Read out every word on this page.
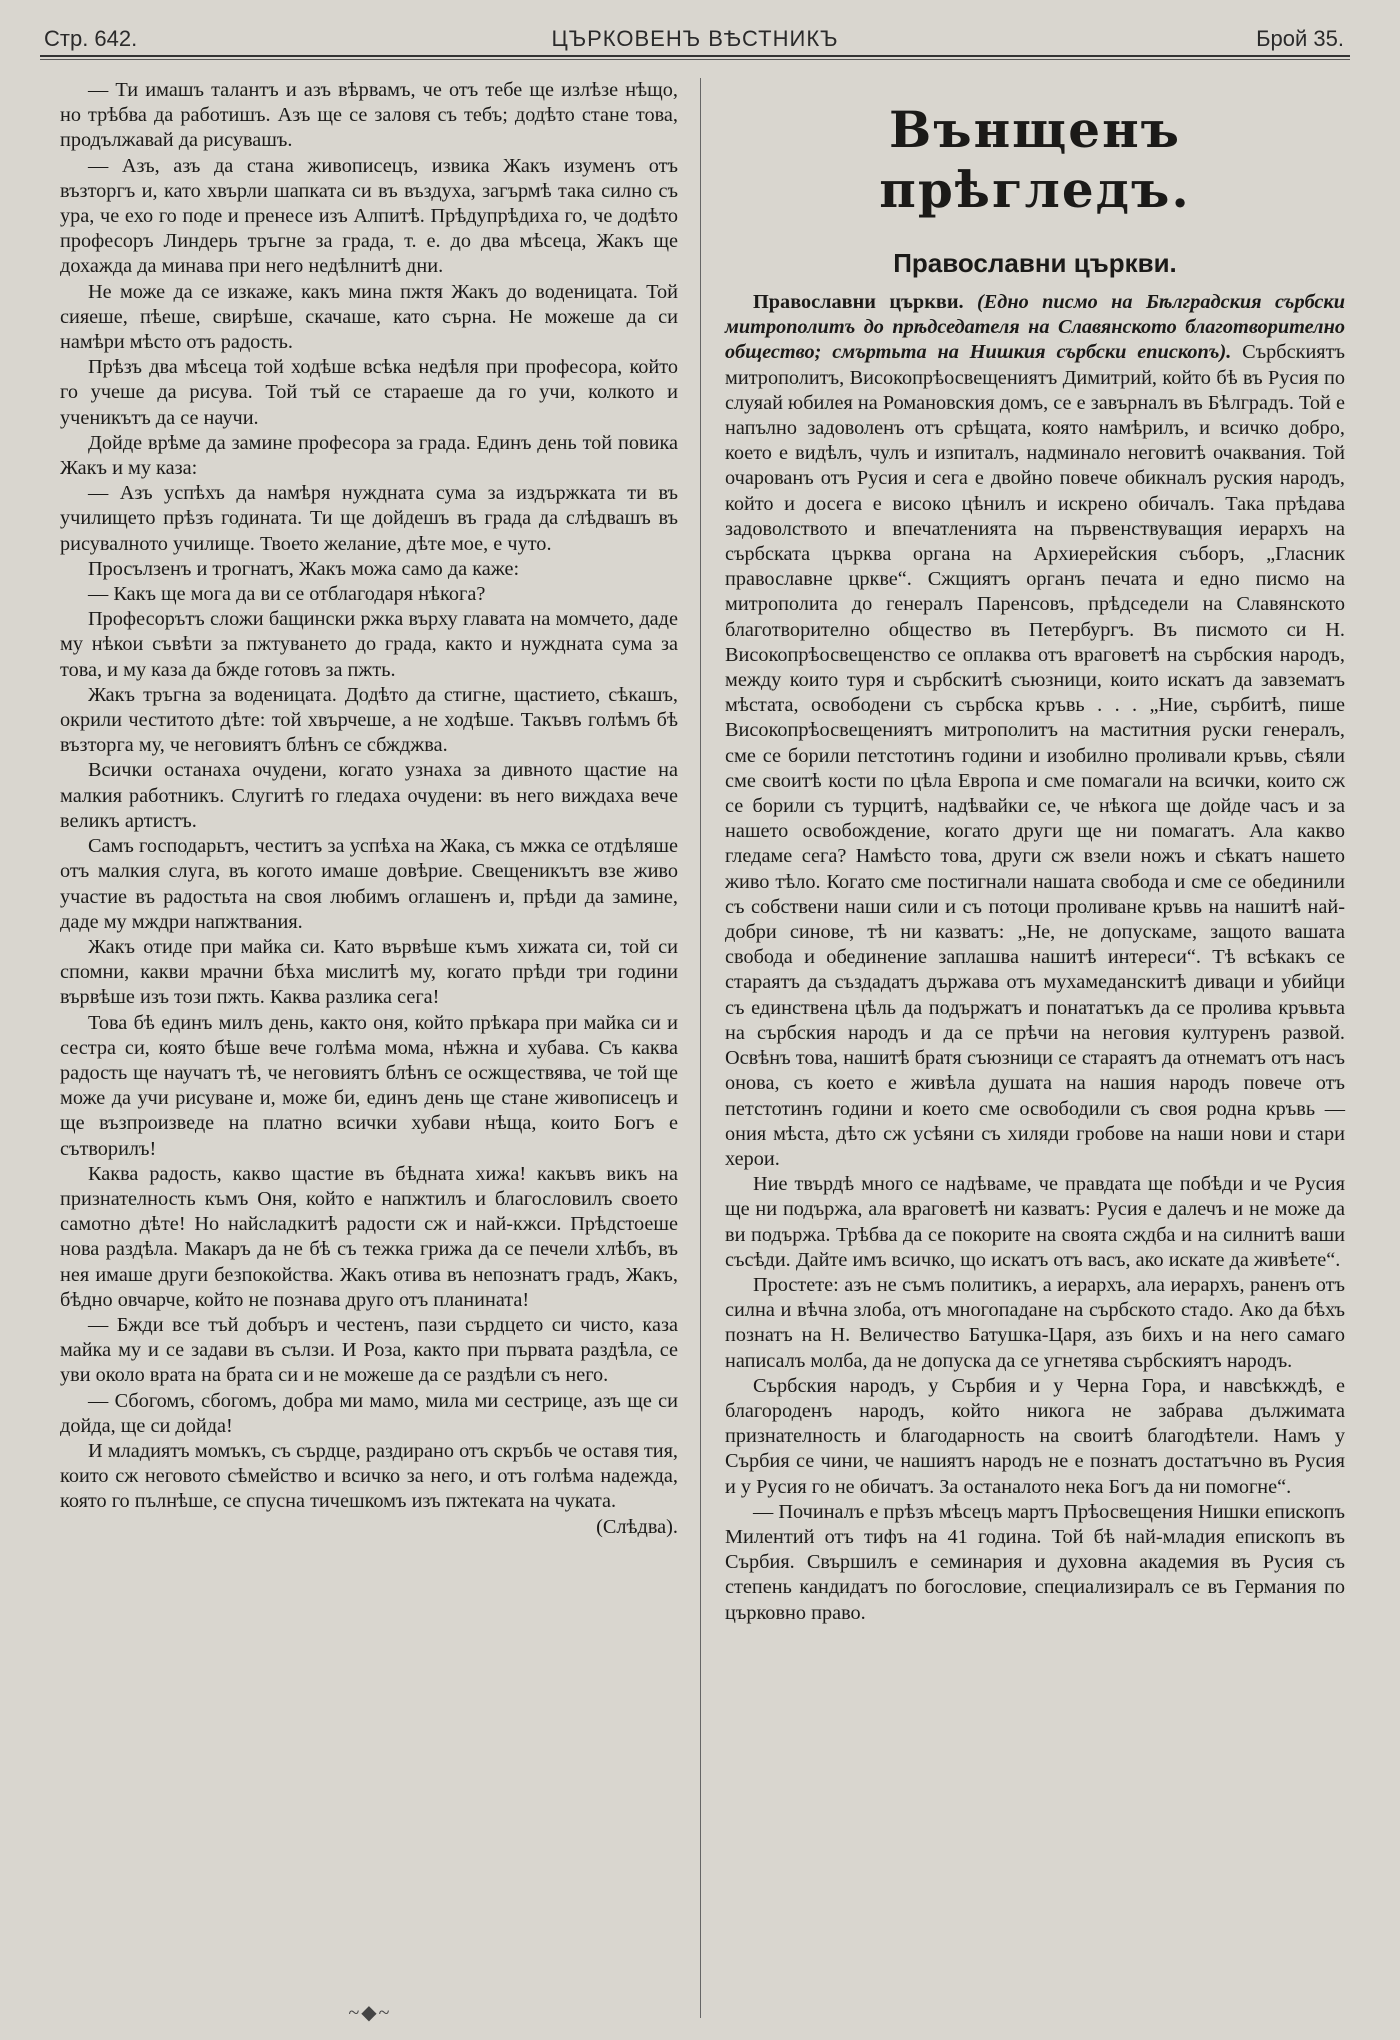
Стр. 642.	ЦЪРКОВЕНЪ ВѢСТНИКЪ	Брой 35.

— Ти имашъ талантъ и азъ вѣрвамъ, че отъ тебе ще излѣзе нѣщо, но трѣбва да работишъ. Азъ ще се заловя съ тебъ; додѣто стане това, продължавай да рисувашъ.

— Азъ, азъ да стана живописецъ, извика Жакъ изуменъ отъ възторгъ и, като хвърли шапката си въ въздуха, загърмѣ така силно съ ура, че ехо го поде и пренесе изъ Алпитѣ. Прѣдупрѣдиха го, че додѣто професоръ Линдерь тръгне за града, т. е. до два мѣсеца, Жакъ ще дохажда да минава при него недѣлнитѣ дни.

Не може да се изкаже, какъ мина пжтя Жакъ до воденицата. Той сияеше, пѣеше, свирѣше, скачаше, като сърна. Не можеше да си намѣри мѣсто отъ радость.

Прѣзъ два мѣсеца той ходѣше всѣка недѣля при професора, който го учеше да рисува. Той тъй се стараеше да го учи, колкото и ученикътъ да се научи.

Дойде врѣме да замине професора за града. Единъ день той повика Жакъ и му каза:

— Азъ успѣхъ да намѣря нуждната сума за издържката ти въ училището прѣзъ годината. Ти ще дойдешъ въ града да слѣдвашъ въ рисувалното училище. Твоето желание, дѣте мое, е чуто.

Просълзенъ и трогнатъ, Жакъ можа само да каже:

— Какъ ще мога да ви се отблагодаря нѣкога?

Професорътъ сложи бащински ржка върху главата на момчето, даде му нѣкои съвѣти за пжтуването до града, както и нуждната сума за това, и му каза да бжде готовъ за пжть.

Жакъ тръгна за воденицата. Додѣто да стигне, щастието, сѣкашъ, окрили честитото дѣте: той хвърчеше, а не ходѣше. Такъвъ голѣмъ бѣ възторга му, че неговиятъ блѣнъ се сбжджва.

Всички останаха очудени, когато узнаха за дивното щастие на малкия работникъ. Слугитѣ го гледаха очудени: въ него виждаха вече великъ артистъ.

Самъ господарьтъ, честитъ за успѣха на Жака, съ мжка се отдѣляше отъ малкия слуга, въ когото имаше довѣрие. Свещеникътъ взе живо участие въ радостьта на своя любимъ оглашенъ и, прѣди да замине, даде му мждри напжтвания.

Жакъ отиде при майка си. Като вървѣше къмъ хижата си, той си спомни, какви мрачни бѣха мислитѣ му, когато прѣди три години вървѣше изъ този пжть. Каква разлика сега!

Това бѣ единъ милъ день, както оня, който прѣкара при майка си и сестра си, която бѣше вече голѣма мома, нѣжна и хубава. Съ каква радость ще научатъ тѣ, че неговиятъ блѣнъ се осжществява, че той ще може да учи рисуване и, може би, единъ день ще стане живописецъ и ще възпроизведе на платно всички хубави нѣща, които Богъ е сътворилъ!

Каква радость, какво щастие въ бѣдната хижа! какъвъ викъ на признателность къмъ Оня, който е напжтилъ и благословилъ своето самотно дѣте! Но найсладкитѣ радости сж и най-кжси. Прѣдстоеше нова раздѣла. Макаръ да не бѣ съ тежка грижа да се печели хлѣбъ, въ нея имаше други безпокойства. Жакъ отива въ непознатъ градъ, Жакъ, бѣдно овчарче, който не познава друго отъ планината!

— Бжди все тъй добъръ и честенъ, пази сърдцето си чисто, каза майка му и се задави въ сълзи. И Роза, както при първата раздѣла, се уви около врата на брата си и не можеше да се раздѣли съ него.

— Сбогомъ, сбогомъ, добра ми мамо, мила ми сестрице, азъ ще си дойда, ще си дойда!

И младиятъ момъкъ, съ сърдце, раздирано отъ скръбь че оставя тия, които сж неговото сѣмейство и всичко за него, и отъ голѣма надежда, която го пълнѣше, се спусна тичешкомъ изъ пжтеката на чуката.

(Слѣдва).

~◆~
Вънщенъ прѣгледъ.
Православни църкви.

Православни църкви. (Едно писмо на Бѣлградския сърбски митрополитъ до прѣдседателя на Славянското благотворително общество; смъртьта на Нишкия сърбски епископъ). Сърбскиятъ митрополитъ, Високопрѣосвещениятъ Димитрий, който бѣ въ Русия по слуяай юбилея на Романовския домъ, се е завърналъ въ Бѣлградъ. Той е напълно задоволенъ отъ срѣщата, която намѣрилъ, и всичко добро, което е видѣлъ, чулъ и изпиталъ, надминало неговитѣ очаквания. Той очарованъ отъ Русия и сега е двойно повече обикналъ руския народъ, който и досега е високо цѣнилъ и искрено обичалъ. Така прѣдава задоволството и впечатленията на първенствуващия иерархъ на сърбската църква органа на Архиерейския съборъ, „Гласник православне цркве“. Сжщиятъ органъ печата и едно писмо на митрополита до генералъ Паренсовъ, прѣдседели на Славянското благотворително общество въ Петербургъ. Въ писмото си Н. Високопрѣосвещенство се оплаква отъ врагoвeтѣ на сърбския народъ, между които туря и сърбскитѣ съюзници, които искатъ да завзематъ мѣстата, освободени съ сърбска кръвь . . . „Ние, сърбитѣ, пише Високопрѣосвещениятъ митрополитъ на маститния руски генералъ, сме се борили петстотинъ години и изобилно проливали кръвь, сѣяли сме своитѣ кости по цѣла Европа и сме помагали на всички, които сж се борили съ турцитѣ, надѣвайки се, че нѣкога ще дойде часъ и за нашето освобождение, когато други ще ни помагатъ. Ала какво гледаме сега? Намѣсто това, други сж взели ножъ и сѣкатъ нашето живо тѣло. Когато сме постигнали нашата свобода и сме се обединили съ собствени наши сили и съ потоци проливане кръвь на нашитѣ най-добри синове, тѣ ни казватъ: „Не, не допускаме, защото вашата свобода и обединение заплашва нашитѣ интереси“. Тѣ всѣкакъ се стараятъ да създадатъ държава отъ мухамеданскитѣ диваци и убийци съ единствена цѣль да подържатъ и понататъкъ да се пролива кръвьта на сърбския народъ и да се прѣчи на неговия културенъ развой. Освѣнъ това, нашитѣ братя съюзници се стараятъ да отнематъ отъ насъ онова, съ което е живѣла душата на нашия народъ повече отъ петстотинъ години и което сме освободили съ своя родна кръвь — ония мѣста, дѣто сж усѣяни съ хиляди гробове на наши нови и стари херои.

Ние твърдѣ много се надѣваме, че правдата ще побѣди и че Русия ще ни подържа, ала врагoвeтѣ ни казватъ: Русия е далечъ и не може да ви подържа. Трѣбва да се покорите на своята сждба и на силнитѣ ваши съсѣди. Дайте имъ всичко, що искатъ отъ васъ, ако искате да живѣете“.

Простете: азъ не съмъ политикъ, а иерархъ, ала иерархъ, раненъ отъ силна и вѣчна злоба, отъ многопадане на сърбското стадо. Ако да бѣхъ познатъ на Н. Величество Батушка-Царя, азъ бихъ и на него самаго написалъ молба, да не допуска да се угнетява сърбскиятъ народъ.

Сърбския народъ, у Сърбия и у Черна Гора, и навсѣкждѣ, е благороденъ народъ, който никога не забрава дължимата признателность и благодарность на своитѣ благодѣтели. Намъ у Сърбия се чини, че нашиятъ народъ не е познатъ достатъчно въ Русия и у Русия го не обичатъ. За останалото нека Богъ да ни помогне“.

— Починалъ е прѣзъ мѣсецъ мартъ Прѣосвещения Нишки епископъ Милентий отъ тифъ на 41 година. Той бѣ най-младия епископъ въ Сърбия. Свършилъ е семинария и духовна академия въ Русия съ степень кандидатъ по богословие, специализиралъ се въ Германия по църковно право.
